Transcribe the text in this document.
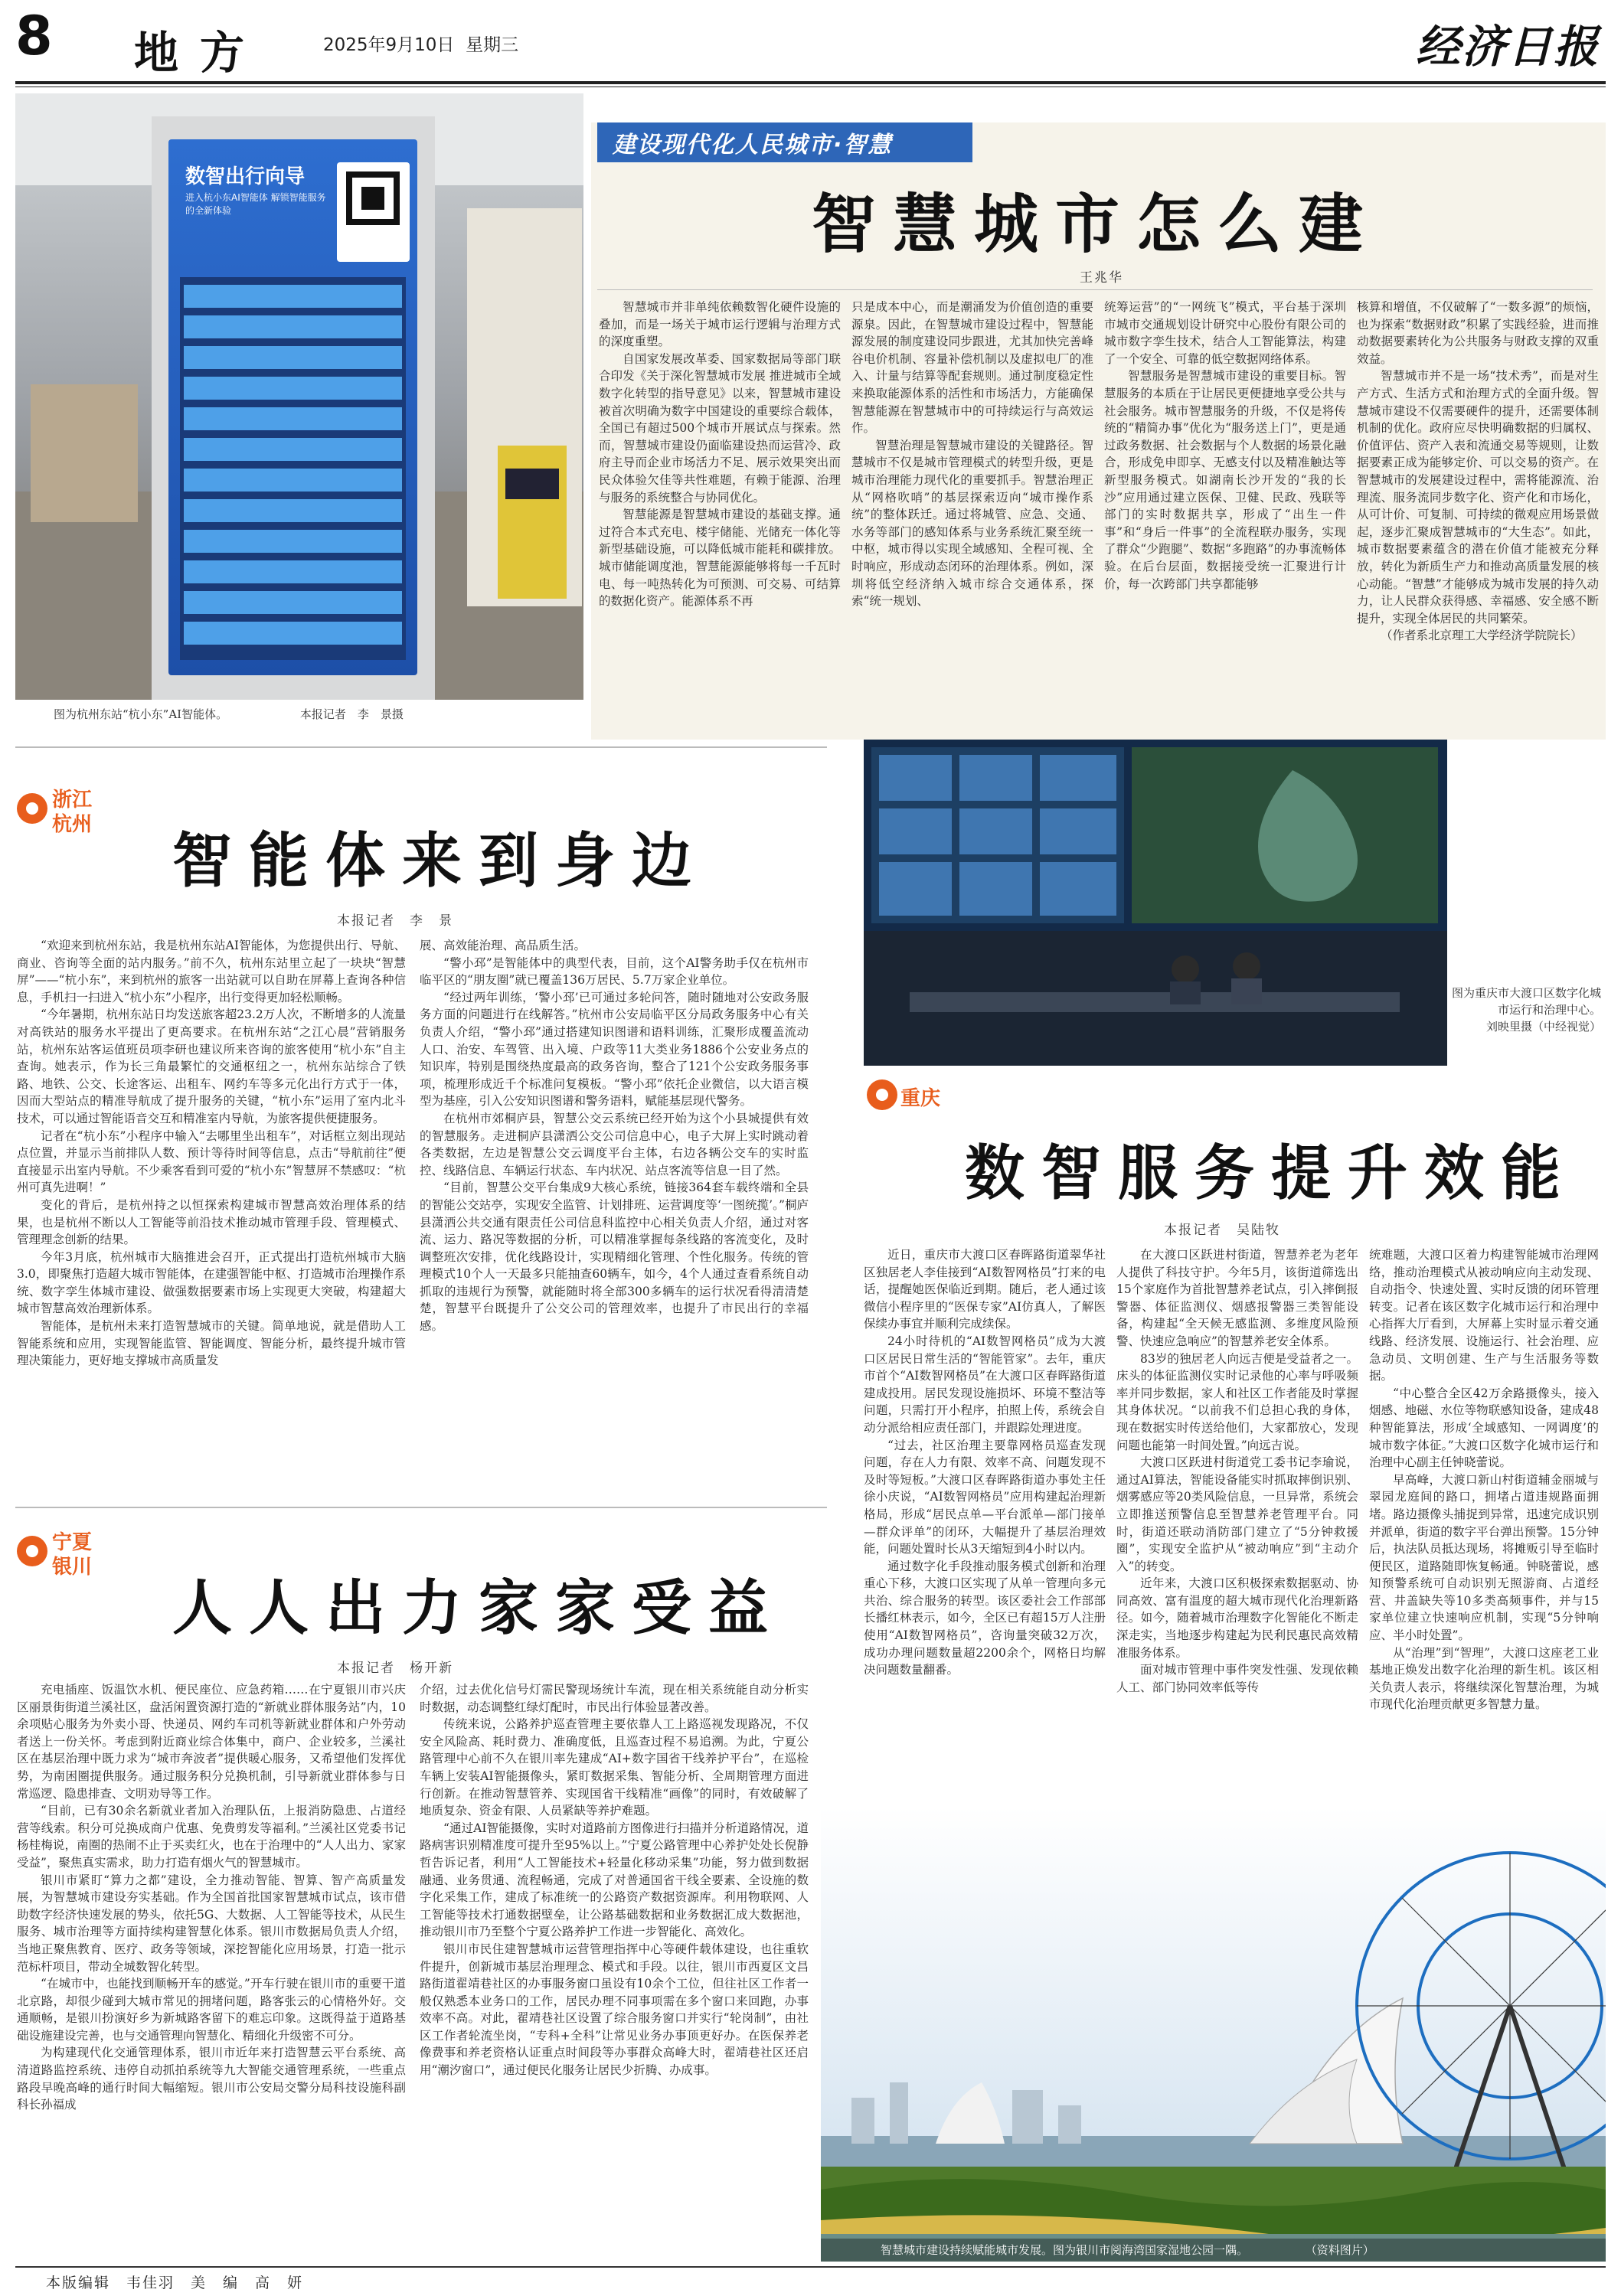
8 地方	2025年9月10日 星期三	经济日报
数智出行向导
进入杭小东AI智能体 解锁智能服务的全新体验
图为杭州东站“杭小东”AI智能体。	本报记者　李　景摄
建设现代化人民城市·智慧
智慧城市怎么建
王兆华

智慧城市并非单纯依赖数智化硬件设施的叠加，而是一场关于城市运行逻辑与治理方式的深度重塑。

自国家发展改革委、国家数据局等部门联合印发《关于深化智慧城市发展 推进城市全域数字化转型的指导意见》以来，智慧城市建设被首次明确为数字中国建设的重要综合载体，全国已有超过500个城市开展试点与探索。然而，智慧城市建设仍面临建设热而运营冷、政府主导而企业市场活力不足、展示效果突出而民众体验欠佳等共性难题，有赖于能源、治理与服务的系统整合与协同优化。

智慧能源是智慧城市建设的基础支撑。通过符合本式充电、楼宇储能、光储充一体化等新型基础设施，可以降低城市能耗和碳排放。城市储能调度池，智慧能源能够将每一千瓦时电、每一吨热转化为可预测、可交易、可结算的数据化资产。能源体系不再

只是成本中心，而是潮涌发为价值创造的重要源泉。因此，在智慧城市建设过程中，智慧能源发展的制度建设同步跟进，尤其加快完善峰谷电价机制、容量补偿机制以及虚拟电厂的准入、计量与结算等配套规则。通过制度稳定性来换取能源体系的活性和市场活力，方能确保智慧能源在智慧城市中的可持续运行与高效运作。

智慧治理是智慧城市建设的关键路径。智慧城市不仅是城市管理模式的转型升级，更是城市治理能力现代化的重要抓手。智慧治理正从“网格吹哨”的基层探索迈向“城市操作系统”的整体跃迁。通过将城管、应急、交通、水务等部门的感知体系与业务系统汇聚至统一中枢，城市得以实现全域感知、全程可视、全时响应，形成动态闭环的治理体系。例如，深圳将低空经济纳入城市综合交通体系，探索“统一规划、

统筹运营”的“一网统飞”模式，平台基于深圳市城市交通规划设计研究中心股份有限公司的城市数字孪生技术，结合人工智能算法，构建了一个安全、可靠的低空数据网络体系。

智慧服务是智慧城市建设的重要目标。智慧服务的本质在于让居民更便捷地享受公共与社会服务。城市智慧服务的升级，不仅是将传统的“精简办事”优化为“服务送上门”，更是通过政务数据、社会数据与个人数据的场景化融合，形成免申即享、无感支付以及精准触达等新型服务模式。如湖南长沙开发的“我的长沙”应用通过建立医保、卫健、民政、残联等部门的实时数据共享，形成了“出生一件事”和“身后一件事”的全流程联办服务，实现了群众“少跑腿”、数据“多跑路”的办事流畅体验。在后台层面，数据接受统一汇聚进行计价，每一次跨部门共享都能够

核算和增值，不仅破解了“一数多源”的烦恼，也为探索“数据财政”积累了实践经验，进而推动数据要素转化为公共服务与财政支撑的双重效益。

智慧城市并不是一场“技术秀”，而是对生产方式、生活方式和治理方式的全面升级。智慧城市建设不仅需要硬件的提升，还需要体制机制的优化。政府应尽快明确数据的归属权、价值评估、资产入表和流通交易等规则，让数据要素正成为能够定价、可以交易的资产。在智慧城市的发展建设过程中，需将能源流、治理流、服务流同步数字化、资产化和市场化，从可计价、可复制、可持续的微观应用场景做起，逐步汇聚成智慧城市的“大生态”。如此，城市数据要素蕴含的潜在价值才能被充分释放，转化为新质生产力和推动高质量发展的核心动能。“智慧”才能够成为城市发展的持久动力，让人民群众获得感、幸福感、安全感不断提升，实现全体居民的共同繁荣。

（作者系北京理工大学经济学院院长）

浙江
杭州
智能体来到身边
本报记者　李　景

“欢迎来到杭州东站，我是杭州东站AI智能体，为您提供出行、导航、商业、咨询等全面的站内服务。”前不久，杭州东站里立起了一块块“智慧屏”——“杭小东”，来到杭州的旅客一出站就可以自助在屏幕上查询各种信息，手机扫一扫进入“杭小东”小程序，出行变得更加轻松顺畅。

“今年暑期，杭州东站日均发送旅客超23.2万人次，不断增多的人流量对高铁站的服务水平提出了更高要求。在杭州东站“之江心晨”营销服务站，杭州东站客运值班员项李研也建议所来咨询的旅客使用“杭小东”自主查询。她表示，作为长三角最繁忙的交通枢纽之一，杭州东站综合了铁路、地铁、公交、长途客运、出租车、网约车等多元化出行方式于一体，因而大型站点的精准导航成了提升服务的关键，“杭小东”运用了室内北斗技术，可以通过智能语音交互和精准室内导航，为旅客提供便捷服务。

记者在“杭小东”小程序中输入“去哪里坐出租车”，对话框立刻出现站点位置，并显示当前排队人数、预计等待时间等信息，点击“导航前往”便直接显示出室内导航。不少乘客看到可爱的“杭小东”智慧屏不禁感叹：“杭州可真先进啊！”

变化的背后，是杭州持之以恒探索构建城市智慧高效治理体系的结果，也是杭州不断以人工智能等前沿技术推动城市管理手段、管理模式、管理理念创新的结果。

今年3月底，杭州城市大脑推进会召开，正式提出打造杭州城市大脑3.0，即聚焦打造超大城市智能体，在建强智能中枢、打造城市治理操作系统、数字孪生体城市建设、做强数据要素市场上实现更大突破，构建超大城市智慧高效治理新体系。

智能体，是杭州未来打造智慧城市的关键。简单地说，就是借助人工智能系统和应用，实现智能监管、智能调度、智能分析，最终提升城市管理决策能力，更好地支撑城市高质量发

展、高效能治理、高品质生活。

“警小邳”是智能体中的典型代表，目前，这个AI警务助手仅在杭州市临平区的“朋友圈”就已覆盖136万居民、5.7万家企业单位。

“经过两年训练，‘警小邳’已可通过多轮问答，随时随地对公安政务服务方面的问题进行在线解答。”杭州市公安局临平区分局政务服务中心有关负责人介绍，“警小邳”通过搭建知识图谱和语料训练，汇聚形成覆盖流动人口、治安、车驾管、出入境、户政等11大类业务1886个公安业务点的知识库，特别是围绕热度最高的政务咨询，整合了121个公安政务服务事项，梳理形成近千个标准问复模板。“警小邳”依托企业微信，以大语言模型为基座，引入公安知识图谱和警务语料，赋能基层现代警务。

在杭州市郊桐庐县，智慧公交云系统已经开始为这个小县城提供有效的智慧服务。走进桐庐县潇洒公交公司信息中心，电子大屏上实时跳动着各类数据，左边是智慧公交云调度平台主体，右边各辆公交车的实时监控、线路信息、车辆运行状态、车内状况、站点客流等信息一目了然。

“目前，智慧公交平台集成9大核心系统，链接364套车载终端和全县的智能公交站亭，实现安全监管、计划排班、运营调度等‘一图统揽’。”桐庐县潇洒公共交通有限责任公司信息科监控中心相关负责人介绍，通过对客流、运力、路况等数据的分析，可以精准掌握每条线路的客流变化，及时调整班次安排，优化线路设计，实现精细化管理、个性化服务。传统的管理模式10个人一天最多只能抽查60辆车，如今，4个人通过查看系统自动抓取的违规行为预警，就能随时将全部300多辆车的运行状况看得清清楚楚，智慧平台既提升了公交公司的管理效率，也提升了市民出行的幸福感。

宁夏
银川
人人出力家家受益
本报记者　杨开新

充电插座、饭温饮水机、便民座位、应急药箱……在宁夏银川市兴庆区丽景街街道兰溪社区，盘活闲置资源打造的“新就业群体服务站”内，10余项贴心服务为外卖小哥、快递员、网约车司机等新就业群体和户外劳动者送上一份关怀。考虑到附近商业综合体集中，商户、企业较多，兰溪社区在基层治理中既力求为“城市奔波者”提供暖心服务，又希望他们发挥优势，为南困圈提供服务。通过服务积分兑换机制，引导新就业群体参与日常巡逻、隐患排查、文明劝导等工作。

“目前，已有30余名新就业者加入治理队伍，上报消防隐患、占道经营等线索。积分可兑换成商户优惠、免费剪发等福利。”兰溪社区党委书记杨桂梅说，南圈的热闹不止于买卖红火，也在于治理中的“人人出力、家家受益”，聚焦真实需求，助力打造有烟火气的智慧城市。

银川市紧盯“算力之都”建设，全力推动智能、智算、智产高质量发展，为智慧城市建设夯实基础。作为全国首批国家智慧城市试点，该市借助数字经济快速发展的势头，依托5G、大数据、人工智能等技术，从民生服务、城市治理等方面持续构建智慧化体系。银川市数据局负责人介绍，当地正聚焦教育、医疗、政务等领域，深挖智能化应用场景，打造一批示范标杆项目，带动全城数智化转型。

“在城市中，也能找到顺畅开车的感觉。”开车行驶在银川市的重要干道北京路，却很少碰到大城市常见的拥堵问题，路客张云的心情格外好。交通顺畅，是银川扮演好乡为新城路客留下的难忘印象。这既得益于道路基础设施建设完善，也与交通管理向智慧化、精细化升级密不可分。

为构建现代化交通管理体系，银川市近年来打造智慧云平台系统、高清道路监控系统、违停自动抓拍系统等九大智能交通管理系统，一些重点路段早晚高峰的通行时间大幅缩短。银川市公安局交警分局科技设施科副科长孙福成

介绍，过去优化信号灯需民警现场统计车流，现在相关系统能自动分析实时数据，动态调整红绿灯配时，市民出行体验显著改善。

传统来说，公路养护巡查管理主要依靠人工上路巡视发现路况，不仅安全风险高、耗时费力、准确度低，且巡查过程不易追溯。为此，宁夏公路管理中心前不久在银川率先建成“AI+数字国省干线养护平台”，在巡检车辆上安装AI智能摄像头，紧盯数据采集、智能分析、全周期管理方面进行创新。在推动智慧管养、实现国省干线精准“画像”的同时，有效破解了地质复杂、资金有限、人员紧缺等养护难题。

“通过AI智能摄像，实时对道路前方图像进行扫描并分析道路情况，道路病害识别精准度可提升至95%以上。”宁夏公路管理中心养护处处长倪静哲告诉记者，利用“人工智能技术+轻量化移动采集”功能，努力做到数据融通、业务贯通、流程畅通，完成了对普通国省干线全要素、全设施的数字化采集工作，建成了标准统一的公路资产数据资源库。利用物联网、人工智能等技术打通数据壁垒，让公路基础数据和业务数据汇成大数据池，推动银川市乃至整个宁夏公路养护工作进一步智能化、高效化。

银川市民住建智慧城市运营管理指挥中心等硬件载体建设，也往重软件提升，创新城市基层治理理念、模式和手段。以往，银川市西夏区文昌路街道翟靖巷社区的办事服务窗口虽设有10余个工位，但往社区工作者一般仅熟悉本业务口的工作，居民办理不同事项需在多个窗口来回跑，办事效率不高。对此，翟靖巷社区设置了综合服务窗口并实行“轮岗制”，由社区工作者轮流坐岗，“专科+全科”让常见业务办事顶更好办。在医保养老像费事和养老资格认证重点时间段等办事群众高峰大时，翟靖巷社区还启用“潮汐窗口”，通过便民化服务让居民少折腾、办成事。

图为重庆市大渡口区数字化城市运行和治理中心。
刘映里摄（中经视觉）
重庆
数智服务提升效能
本报记者　吴陆牧

近日，重庆市大渡口区春晖路街道翠华社区独居老人李佳接到“AI数智网格员”打来的电话，提醒她医保临近到期。随后，老人通过该微信小程序里的“医保专家”AI仿真人，了解医保续办事宜并顺利完成续保。

24小时待机的“AI数智网格员”成为大渡口区居民日常生活的“智能管家”。去年，重庆市首个“AI数智网格员”在大渡口区春晖路街道建成投用。居民发现设施损坏、环境不整洁等问题，只需打开小程序，拍照上传，系统会自动分派给相应责任部门，并跟踪处理进度。

“过去，社区治理主要靠网格员巡查发现问题，存在人力有限、效率不高、问题发现不及时等短板。”大渡口区春晖路街道办事处主任徐小庆说，“AI数智网格员”应用构建起治理新格局，形成“居民点单—平台派单—部门接单—群众评单”的闭环，大幅提升了基层治理效能，问题处置时长从3天缩短到4小时以内。

通过数字化手段推动服务模式创新和治理重心下移，大渡口区实现了从单一管理向多元共治、综合服务的转型。该区委社会工作部部长播红林表示，如今，全区已有超15万人注册使用“AI数智网格员”，咨询量突破32万次，成功办理问题数量超2200余个，网格日均解决问题数量翻番。

在大渡口区跃进村街道，智慧养老为老年人提供了科技守护。今年5月，该街道筛选出15个家庭作为首批智慧养老试点，引入摔倒报警器、体征监测仪、烟感报警器三类智能设备，构建起“全天候无感监测、多维度风险预警、快速应急响应”的智慧养老安全体系。

83岁的独居老人向远吉便是受益者之一。床头的体征监测仪实时记录他的心率与呼吸频率并同步数据，家人和社区工作者能及时掌握其身体状况。“以前我不们总担心我的身体，现在数据实时传送给他们，大家都放心，发现问题也能第一时间处置。”向远吉说。

大渡口区跃进村街道党工委书记李瑜说，通过AI算法，智能设备能实时抓取摔倒识别、烟雾感应等20类风险信息，一旦异常，系统会立即推送预警信息至智慧养老管理平台。同时，街道还联动消防部门建立了“5分钟救援圈”，实现安全监护从“被动响应”到“主动介入”的转变。

近年来，大渡口区积极探索数据驱动、协同高效、富有温度的超大城市现代化治理新路径。如今，随着城市治理数字化智能化不断走深走实，当地逐步构建起为民利民惠民高效精准服务体系。

面对城市管理中事件突发性强、发现依赖人工、部门协同效率低等传

统难题，大渡口区着力构建智能城市治理网络，推动治理模式从被动响应向主动发现、自动指令、快速处置、实时反馈的闭环管理转变。记者在该区数字化城市运行和治理中心指挥大厅看到，大屏幕上实时显示着交通线路、经济发展、设施运行、社会治理、应急动员、文明创建、生产与生活服务等数据。

“中心整合全区42万余路摄像头，接入烟感、地磁、水位等物联感知设备，建成48种智能算法，形成‘全域感知、一网调度’的城市数字体征。”大渡口区数字化城市运行和治理中心副主任钟晓蕾说。

早高峰，大渡口新山村街道辅金丽城与翠园龙庭间的路口，拥堵占道违规路面拥堵。路边摄像头捕捉到异常，迅速完成识别并派单，街道的数字平台弹出预警。15分钟后，执法队员抵达现场，将摊贩引导至临时便民区，道路随即恢复畅通。钟晓蕾说，感知预警系统可自动识别无照游商、占道经营、井盖缺失等10多类高频事件，并与15家单位建立快速响应机制，实现“5分钟响应、半小时处置”。

从“治理”到“智理”，大渡口这座老工业基地正焕发出数字化治理的新生机。该区相关负责人表示，将继续深化智慧治理，为城市现代化治理贡献更多智慧力量。

智慧城市建设持续赋能城市发展。图为银川市阅海湾国家湿地公园一隅。	（资料图片）
本版编辑　韦佳羽　美　编　高　妍
